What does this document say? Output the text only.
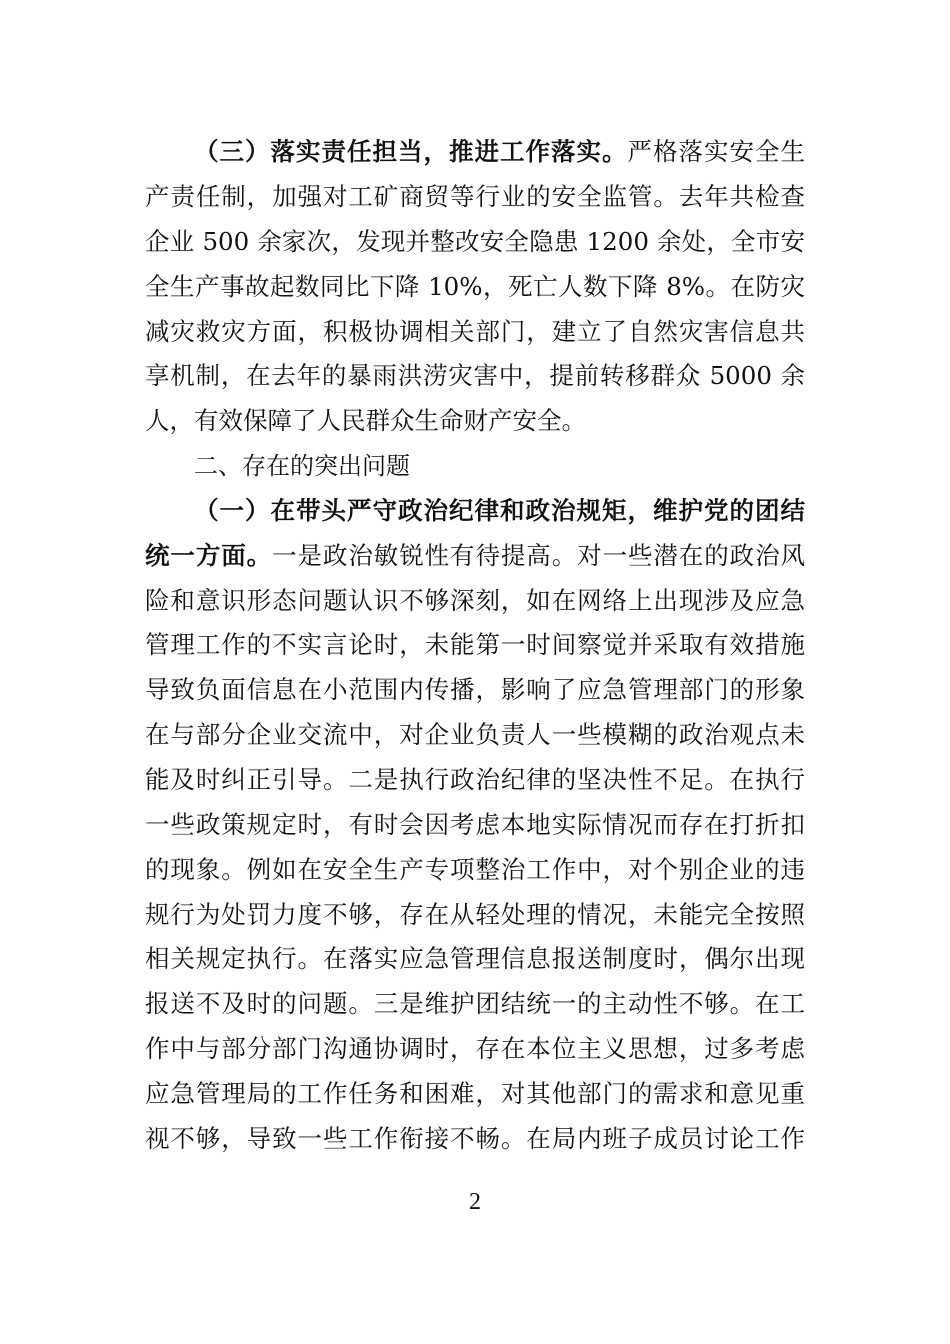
（三）落实责任担当，推进工作落实。严格落实安全生
产责任制，加强对工矿商贸等行业的安全监管。去年共检查
企业 500 余家次，发现并整改安全隐患 1200 余处，全市安
全生产事故起数同比下降 10%，死亡人数下降 8%。在防灾
减灾救灾方面，积极协调相关部门，建立了自然灾害信息共
享机制，在去年的暴雨洪涝灾害中，提前转移群众 5000 余
人，有效保障了人民群众生命财产安全。
二、存在的突出问题
（一）在带头严守政治纪律和政治规矩，维护党的团结
统一方面。一是政治敏锐性有待提高。对一些潜在的政治风
险和意识形态问题认识不够深刻，如在网络上出现涉及应急
管理工作的不实言论时，未能第一时间察觉并采取有效措施
导致负面信息在小范围内传播，影响了应急管理部门的形象
在与部分企业交流中，对企业负责人一些模糊的政治观点未
能及时纠正引导。二是执行政治纪律的坚决性不足。在执行
一些政策规定时，有时会因考虑本地实际情况而存在打折扣
的现象。例如在安全生产专项整治工作中，对个别企业的违
规行为处罚力度不够，存在从轻处理的情况，未能完全按照
相关规定执行。在落实应急管理信息报送制度时，偶尔出现
报送不及时的问题。三是维护团结统一的主动性不够。在工
作中与部分部门沟通协调时，存在本位主义思想，过多考虑
应急管理局的工作任务和困难，对其他部门的需求和意见重
视不够，导致一些工作衔接不畅。在局内班子成员讨论工作
2
